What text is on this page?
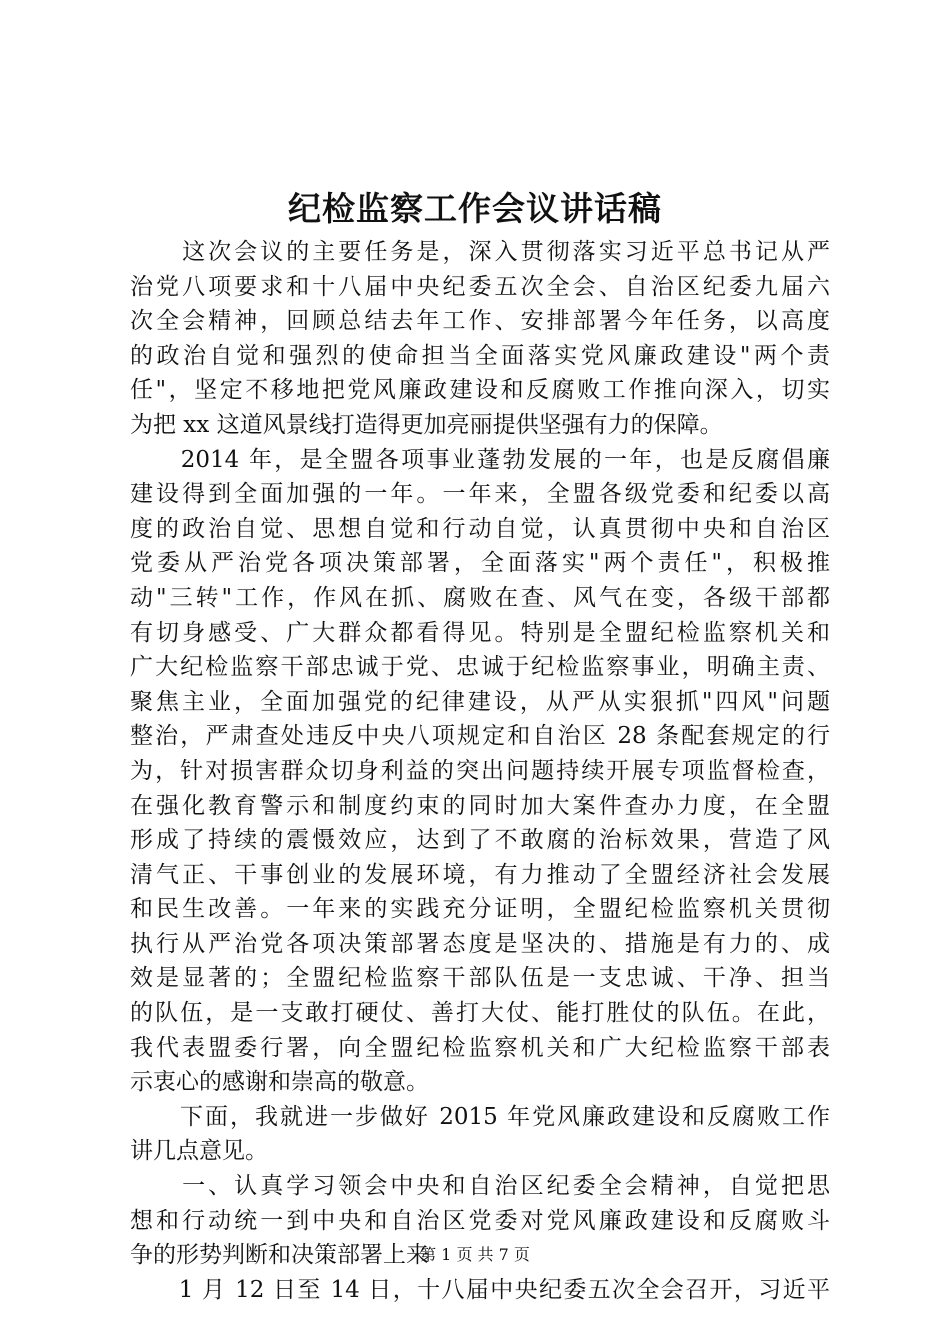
纪检监察工作会议讲话稿
　　这次会议的主要任务是，深入贯彻落实习近平总书记从严
治党八项要求和十八届中央纪委五次全会、自治区纪委九届六
次全会精神，回顾总结去年工作、安排部署今年任务，以高度
的政治自觉和强烈的使命担当全面落实党风廉政建设"两个责
任"，坚定不移地把党风廉政建设和反腐败工作推向深入，切实
为把 xx 这道风景线打造得更加亮丽提供坚强有力的保障。
　　2014 年，是全盟各项事业蓬勃发展的一年，也是反腐倡廉
建设得到全面加强的一年。一年来，全盟各级党委和纪委以高
度的政治自觉、思想自觉和行动自觉，认真贯彻中央和自治区
党委从严治党各项决策部署，全面落实"两个责任"，积极推
动"三转"工作，作风在抓、腐败在查、风气在变，各级干部都
有切身感受、广大群众都看得见。特别是全盟纪检监察机关和
广大纪检监察干部忠诚于党、忠诚于纪检监察事业，明确主责、
聚焦主业，全面加强党的纪律建设，从严从实狠抓"四风"问题
整治，严肃查处违反中央八项规定和自治区 28 条配套规定的行
为，针对损害群众切身利益的突出问题持续开展专项监督检查，
在强化教育警示和制度约束的同时加大案件查办力度，在全盟
形成了持续的震慑效应，达到了不敢腐的治标效果，营造了风
清气正、干事创业的发展环境，有力推动了全盟经济社会发展
和民生改善。一年来的实践充分证明，全盟纪检监察机关贯彻
执行从严治党各项决策部署态度是坚决的、措施是有力的、成
效是显著的；全盟纪检监察干部队伍是一支忠诚、干净、担当
的队伍，是一支敢打硬仗、善打大仗、能打胜仗的队伍。在此，
我代表盟委行署，向全盟纪检监察机关和广大纪检监察干部表
示衷心的感谢和崇高的敬意。
　　下面，我就进一步做好 2015 年党风廉政建设和反腐败工作
讲几点意见。
　　一、认真学习领会中央和自治区纪委全会精神，自觉把思
想和行动统一到中央和自治区党委对党风廉政建设和反腐败斗
争的形势判断和决策部署上来
　　1 月 12 日至 14 日，十八届中央纪委五次全会召开，习近平
第 1 页 共 7 页
